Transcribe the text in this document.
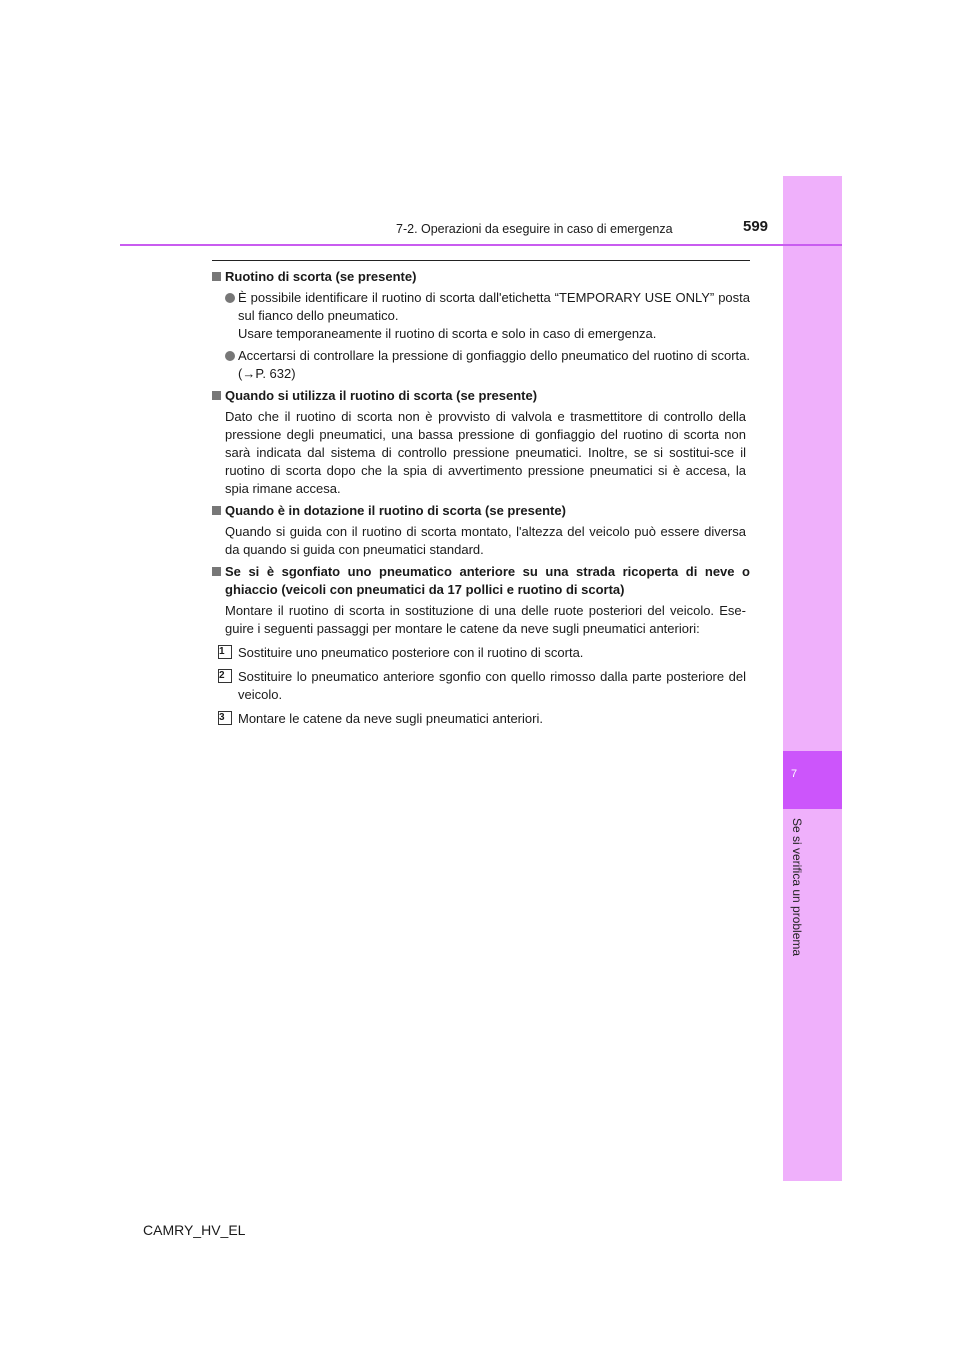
7
Se si verifica un problema
7-2. Operazioni da eseguire in caso di emergenza	599
Ruotino di scorta (se presente)
È possibile identificare il ruotino di scorta dall'etichetta “TEMPORARY USE ONLY” posta sul fianco dello pneumatico.
Usare temporaneamente il ruotino di scorta e solo in caso di emergenza.
Accertarsi di controllare la pressione di gonfiaggio dello pneumatico del ruotino di scorta. (→P. 632)
Quando si utilizza il ruotino di scorta (se presente)
Dato che il ruotino di scorta non è provvisto di valvola e trasmettitore di controllo della pressione degli pneumatici, una bassa pressione di gonfiaggio del ruotino di scorta non sarà indicata dal sistema di controllo pressione pneumatici. Inoltre, se si sostitui-sce il ruotino di scorta dopo che la spia di avvertimento pressione pneumatici si è accesa, la spia rimane accesa.
Quando è in dotazione il ruotino di scorta (se presente)
Quando si guida con il ruotino di scorta montato, l'altezza del veicolo può essere diversa da quando si guida con pneumatici standard.
Se si è sgonfiato uno pneumatico anteriore su una strada ricoperta di neve o ghiaccio (veicoli con pneumatici da 17 pollici e ruotino di scorta)
Montare il ruotino di scorta in sostituzione di una delle ruote posteriori del veicolo. Ese-guire i seguenti passaggi per montare le catene da neve sugli pneumatici anteriori:
1	Sostituire uno pneumatico posteriore con il ruotino di scorta.
2	Sostituire lo pneumatico anteriore sgonfio con quello rimosso dalla parte posteriore del veicolo.
3	Montare le catene da neve sugli pneumatici anteriori.
CAMRY_HV_EL
